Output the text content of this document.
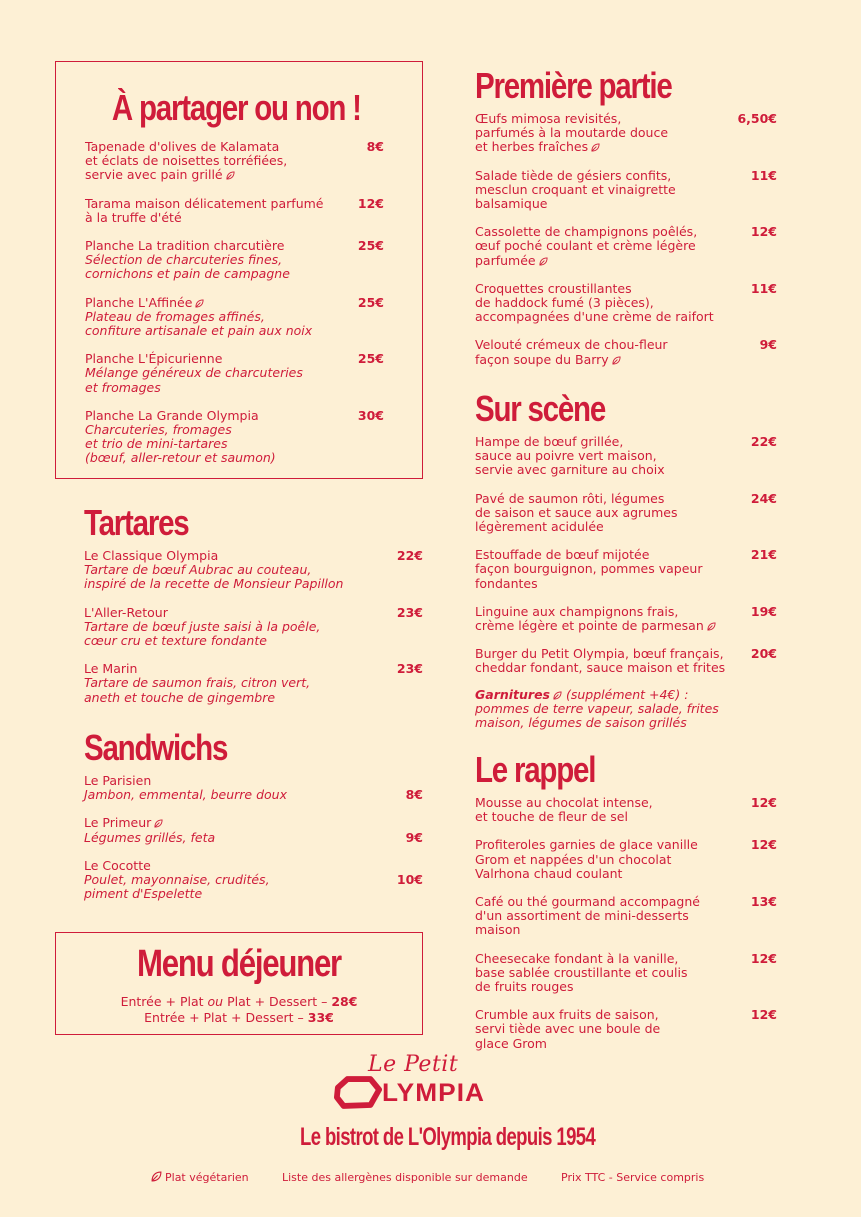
À partager ou non !
Tapenade d'olives de Kalamata
et éclats de noisettes torréfiées,
servie avec pain grillé
8€
Tarama maison délicatement parfumé
à la truffe d'été
12€
Planche La tradition charcutière
Sélection de charcuteries fines,
cornichons et pain de campagne
25€
Planche L'Affinée
Plateau de fromages affinés,
confiture artisanale et pain aux noix
25€
Planche L'Épicurienne
Mélange généreux de charcuteries
et fromages
25€
Planche La Grande Olympia
Charcuteries, fromages
et trio de mini-tartares
(bœuf, aller-retour et saumon)
30€
Tartares
Le Classique Olympia
Tartare de bœuf Aubrac au couteau,
inspiré de la recette de Monsieur Papillon
22€
L'Aller-Retour
Tartare de bœuf juste saisi à la poêle,
cœur cru et texture fondante
23€
Le Marin
Tartare de saumon frais, citron vert,
aneth et touche de gingembre
23€
Sandwichs
Le Parisien
Jambon, emmental, beurre doux	8€
Le Primeur
Légumes grillés, feta	9€
Le Cocotte
Poulet, mayonnaise, crudités,
piment d'Espelette
10€
Menu déjeuner
Entrée + Plat ou Plat + Dessert – 28€
Entrée + Plat + Dessert – 33€
Première partie
Œufs mimosa revisités,
parfumés à la moutarde douce
et herbes fraîches
6,50€
Salade tiède de gésiers confits,
mesclun croquant et vinaigrette
balsamique
11€
Cassolette de champignons poêlés,
œuf poché coulant et crème légère
parfumée
12€
Croquettes croustillantes
de haddock fumé (3 pièces),
accompagnées d'une crème de raifort
11€
Velouté crémeux de chou-fleur
façon soupe du Barry
9€
Sur scène
Hampe de bœuf grillée,
sauce au poivre vert maison,
servie avec garniture au choix
22€
Pavé de saumon rôti, légumes
de saison et sauce aux agrumes
légèrement acidulée
24€
Estouffade de bœuf mijotée
façon bourguignon, pommes vapeur
fondantes
21€
Linguine aux champignons frais,
crème légère et pointe de parmesan
19€
Burger du Petit Olympia, bœuf français,
cheddar fondant, sauce maison et frites
20€
Garnitures (supplément +4€) :
pommes de terre vapeur, salade, frites
maison, légumes de saison grillés
Le rappel
Mousse au chocolat intense,
et touche de fleur de sel
12€
Profiteroles garnies de glace vanille
Grom et nappées d'un chocolat
Valrhona chaud coulant
12€
Café ou thé gourmand accompagné
d'un assortiment de mini-desserts
maison
13€
Cheesecake fondant à la vanille,
base sablée croustillante et coulis
de fruits rouges
12€
Crumble aux fruits de saison,
servi tiède avec une boule de
glace Grom
12€
Le Petit
LYMPIA
Le bistrot de L'Olympia depuis 1954
Plat végétarien	Liste des allergènes disponible sur demande	Prix TTC - Service compris
